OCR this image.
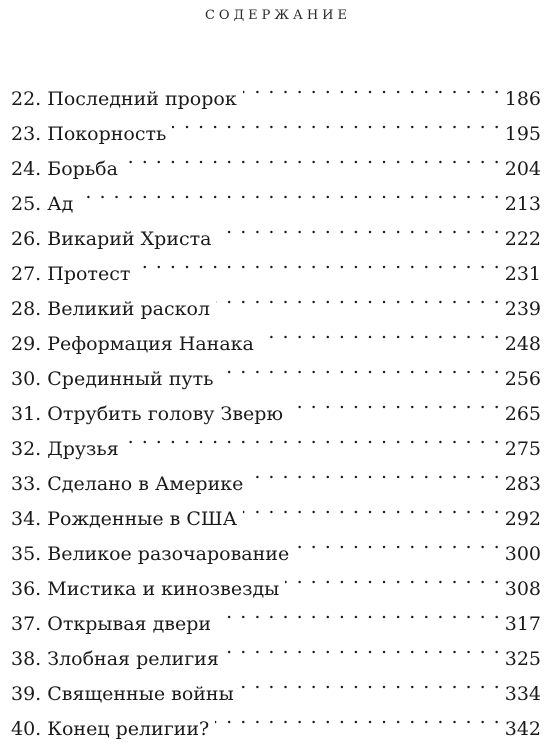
СОДЕРЖАНИЕ
22. Последний пророк . . .	186
23. Покорность . . .	195
24. Борьба . . .	204
25. Ад . . .	213
26. Викарий Христа . . .	222
27. Протест . . .	231
28. Великий раскол . . .	239
29. Реформация Нанака . . .	248
30. Срединный путь . . .	256
31. Отрубить голову Зверю . . .	265
32. Друзья . . .	275
33. Сделано в Америке . . .	283
34. Рожденные в США . . .	292
35. Великое разочарование . . .	300
36. Мистика и кинозвезды . . .	308
37. Открывая двери . . .	317
38. Злобная религия . . .	325
39. Священные войны . . .	334
40. Конец религии? . . .	342
